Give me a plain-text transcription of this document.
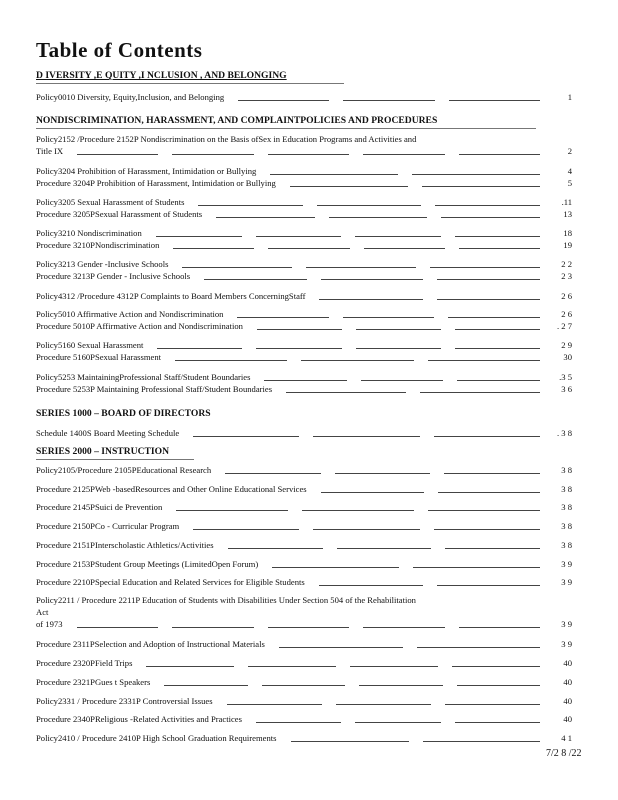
Table of Contents
D IVERSITY ,E QUITY ,I NCLUSION , AND BELONGING
NONDISCRIMINATION, HARASSMENT, AND COMPLAINTPOLICIES AND PROCEDURES
SERIES 1000 – BOARD OF DIRECTORS
SERIES 2000 – INSTRUCTION
Policy0010 Diversity, Equity,Inclusion, and Belonging	1
Policy2152 /Procedure 2152P Nondiscrimination on the Basis ofSex in Education Programs and Activities and
Title IX	2
Policy3204 Prohibition of Harassment, Intimidation or Bullying	4
Procedure 3204P Prohibition of Harassment, Intimidation or Bullying	5
Policy3205 Sexual Harassment of Students	.11
Procedure 3205PSexual Harassment of Students	13
Policy3210 Nondiscrimination	18
Procedure 3210PNondiscrimination	19
Policy3213 Gender -Inclusive Schools	2 2
Procedure 3213P Gender - Inclusive Schools	2 3
Policy4312 /Procedure 4312P Complaints to Board Members ConcerningStaff	2 6
Policy5010 Affirmative Action and Nondiscrimination	2 6
Procedure 5010P Affirmative Action and Nondiscrimination	. 2 7
Policy5160 Sexual Harassment	2 9
Procedure 5160PSexual Harassment	30
Policy5253 MaintainingProfessional Staff/Student Boundaries	.3 5
Procedure 5253P Maintaining Professional Staff/Student Boundaries	3 6
Schedule 1400S Board Meeting Schedule	. 3 8
Policy2105/Procedure 2105PEducational Research	3 8
Procedure 2125PWeb -basedResources and Other Online Educational Services	3 8
Procedure 2145PSuici de Prevention	3 8
Procedure 2150PCo - Curricular Program	3 8
Procedure 2151PInterscholastic Athletics/Activities	3 8
Procedure 2153PStudent Group Meetings (LimitedOpen Forum)	3 9
Procedure 2210PSpecial Education and Related Services for Eligible Students	3 9
Policy2211 / Procedure 2211P Education of Students with Disabilities Under Section 504 of the Rehabilitation
Act
of 1973	3 9
Procedure 2311PSelection and Adoption of Instructional Materials	3 9
Procedure 2320PField Trips	40
Procedure 2321PGues t Speakers	40
Policy2331 / Procedure 2331P Controversial Issues	40
Procedure 2340PReligious -Related Activities and Practices	40
Policy2410 / Procedure 2410P High School Graduation Requirements	4 1
7/2 8 /22
